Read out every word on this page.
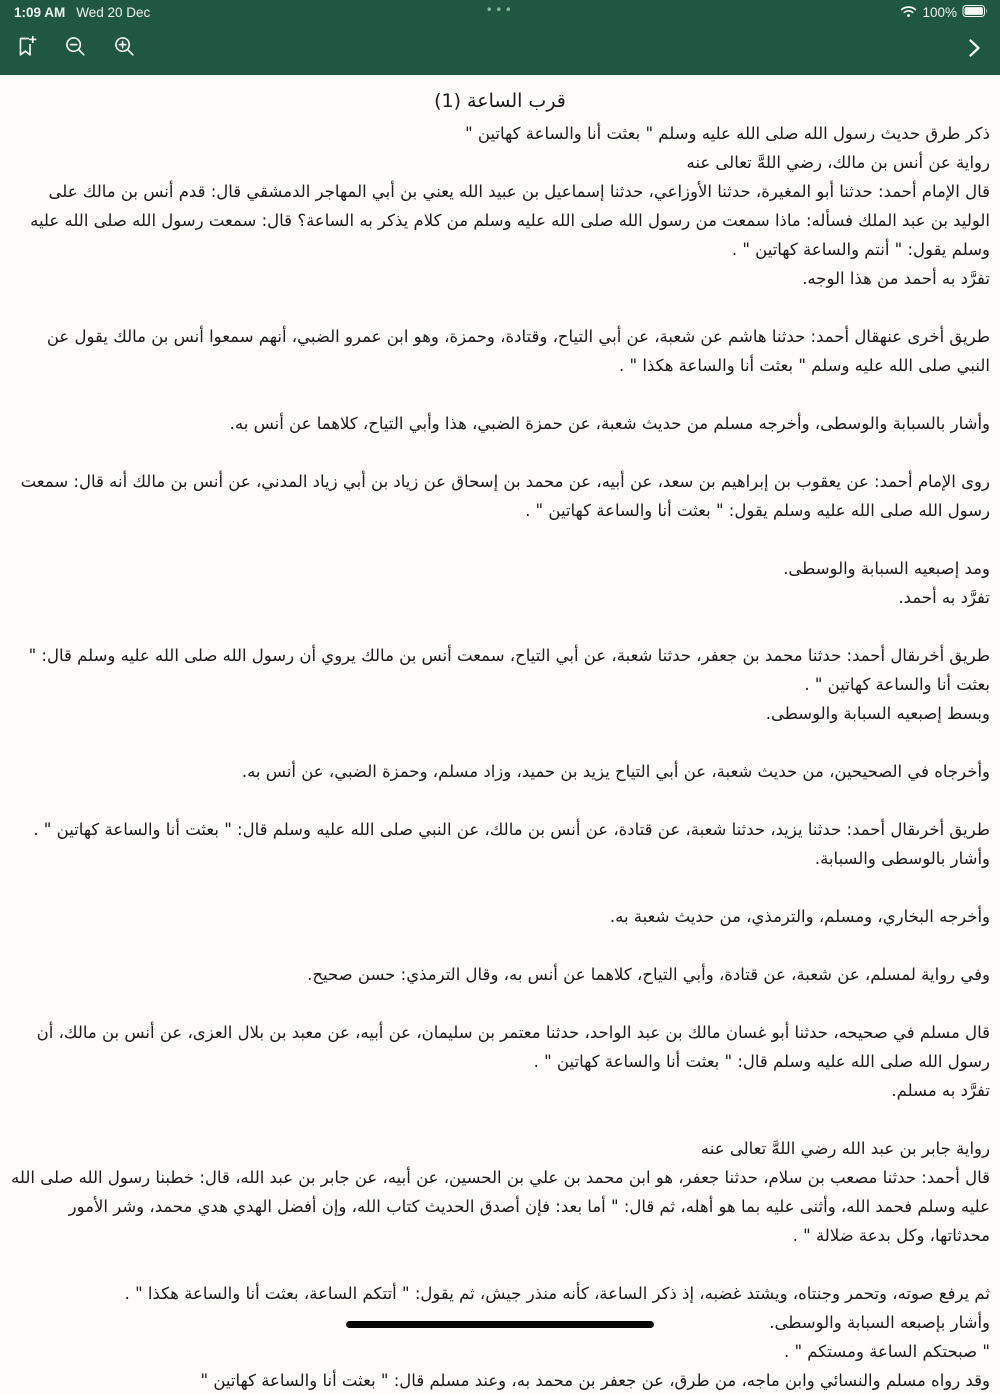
1:09 AM Wed 20 Dec	•••	100%
قرب الساعة (1)

ذكر طرق حديث رسول الله صلى الله عليه وسلم " بعثت أنا والساعة كهاتين "

رواية عن أنس بن مالك، رضي اللهَّ تعالى عنه

قال الإمام أحمد: حدثنا أبو المغيرة، حدثنا الأوزاعي، حدثنا إسماعيل بن عبيد الله يعني بن أبي المهاجر الدمشقي قال: قدم أنس بن مالك على الوليد بن عبد الملك فسأله: ماذا سمعت من رسول الله صلى الله عليه وسلم من كلام يذكر به الساعة؟ قال: سمعت رسول الله صلى الله عليه وسلم يقول: " أنتم والساعة كهاتين " .

تفرَّد به أحمد من هذا الوجه.

طريق أخرى عنهقال أحمد: حدثنا هاشم عن شعبة، عن أبي التياح، وقتادة، وحمزة، وهو ابن عمرو الضبي، أنهم سمعوا أنس بن مالك يقول عن النبي صلى الله عليه وسلم " بعثت أنا والساعة هكذا " .

وأشار بالسبابة والوسطى، وأخرجه مسلم من حديث شعبة، عن حمزة الضبي، هذا وأبي التياح، كلاهما عن أنس به.

روى الإمام أحمد: عن يعقوب بن إبراهيم بن سعد، عن أبيه، عن محمد بن إسحاق عن زياد بن أبي زياد المدني، عن أنس بن مالك أنه قال: سمعت رسول الله صلى الله عليه وسلم يقول: " بعثت أنا والساعة كهاتين " .

ومد إصبعيه السبابة والوسطى.

تفرَّد به أحمد.

طريق أخرىقال أحمد: حدثنا محمد بن جعفر، حدثنا شعبة، عن أبي التياح، سمعت أنس بن مالك يروي أن رسول الله صلى الله عليه وسلم قال: " بعثت أنا والساعة كهاتين " .

وبسط إصبعيه السبابة والوسطى.

وأخرجاه في الصحيحين، من حديث شعبة، عن أبي التياح يزيد بن حميد، وزاد مسلم، وحمزة الضبي، عن أنس به.

طريق أخرىقال أحمد: حدثنا يزيد، حدثنا شعبة، عن قتادة، عن أنس بن مالك، عن النبي صلى الله عليه وسلم قال: " بعثت أنا والساعة كهاتين " .

وأشار بالوسطى والسبابة.

وأخرجه البخاري، ومسلم، والترمذي، من حديث شعبة به.

وفي رواية لمسلم، عن شعبة، عن قتادة، وأبي التياح، كلاهما عن أنس به، وقال الترمذي: حسن صحيح.

قال مسلم في صحيحه، حدثنا أبو غسان مالك بن عبد الواحد، حدثنا معتمر بن سليمان، عن أبيه، عن معبد بن بلال العزى، عن أنس بن مالك، أن رسول الله صلى الله عليه وسلم قال: " بعثت أنا والساعة كهاتين " .

تفرَّد به مسلم.

رواية جابر بن عبد الله رضي اللهَّ تعالى عنه

قال أحمد: حدثنا مصعب بن سلام، حدثنا جعفر، هو ابن محمد بن علي بن الحسين، عن أبيه، عن جابر بن عبد الله، قال: خطبنا رسول الله صلى الله عليه وسلم فحمد الله، وأثنى عليه بما هو أهله، ثم قال: " أما بعد: فإن أصدق الحديث كتاب الله، وإن أفضل الهدي هدي محمد، وشر الأمور محدثاتها، وكل بدعة ضلالة " .

ثم يرفع صوته، وتحمر وجنتاه، ويشتد غضبه، إذ ذكر الساعة، كأنه منذر جيش، ثم يقول: " أتتكم الساعة، بعثت أنا والساعة هكذا " .

وأشار بإصبعه السبابة والوسطى.

" صبحتكم الساعة ومستكم " .

وقد رواه مسلم والنسائي وابن ماجه، من طرق، عن جعفر بن محمد به، وعند مسلم قال: " بعثت أنا والساعة كهاتين "
